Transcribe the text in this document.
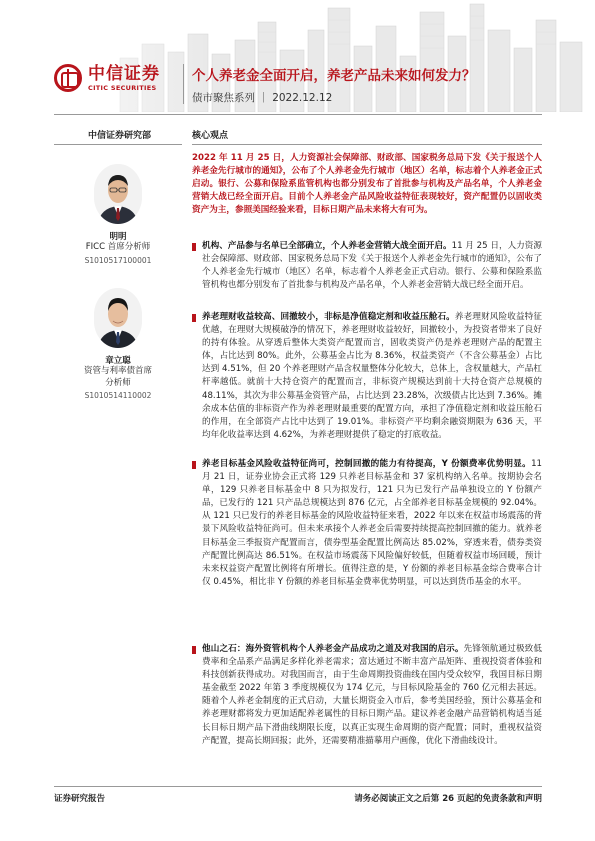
中信证券
CITIC SECURITIES
个人养老金全面开启，养老产品未来如何发力？
债市聚焦系列 ｜ 2022.12.12
中信证券研究部	核心观点
明明
FICC 首席分析师
S1010517100001
章立聪
资管与利率债首席
分析师
S1010514110002
2022 年 11 月 25 日，人力资源社会保障部、财政部、国家税务总局下发《关于报送个人养老金先行城市的通知》，公布了个人养老金先行城市（地区）名单，标志着个人养老金正式启动。银行、公募和保险系监管机构也都分别发布了首批参与机构及产品名单，个人养老金营销大战已经全面开启。目前个人养老金产品风险收益特征表现较好，资产配置仍以固收类资产为主，参照美国经验来看，目标日期产品未来将大有可为。

机构、产品参与名单已全部确立，个人养老金营销大战全面开启。11 月 25 日，人力资源社会保障部、财政部、国家税务总局下发《关于报送个人养老金先行城市的通知》，公布了个人养老金先行城市（地区）名单，标志着个人养老金正式启动。银行、公募和保险系监管机构也都分别发布了首批参与机构及产品名单，个人养老金营销大战已经全面开启。

养老理财收益较高、回撤较小，非标是净值稳定剂和收益压舱石。养老理财风险收益特征优越，在理财大规模破净的情况下，养老理财收益较好，回撤较小，为投资者带来了良好的持有体验。从穿透后整体大类资产配置而言，固收类资产仍是养老理财产品的配置主体，占比达到 80%。此外，公募基金占比为 8.36%，权益类资产（不含公募基金）占比达到 4.51%，但 20 个养老理财产品含权量整体分化较大，总体上，含权量越大，产品杠杆率越低。就前十大持仓资产的配置而言，非标资产规模达到前十大持仓资产总规模的 48.11%，其次为非公募基金资管产品，占比达到 23.28%，次级债占比达到 7.36%。摊余成本估值的非标资产作为养老理财最重要的配置方向，承担了净值稳定剂和收益压舱石的作用，在全部资产占比中达到了 19.01%。非标资产平均剩余融资期限为 636 天，平均年化收益率达到 4.62%，为养老理财提供了稳定的打底收益。

养老目标基金风险收益特征尚可，控制回撤的能力有待提高，Y 份额费率优势明显。11 月 21 日，证券业协会正式将 129 只养老目标基金和 37 家机构纳入名单。按期协会名单，129 只养老目标基金中 8 只为拟发行，121 只为已发行产品单独设立的 Y 份额产品，已发行的 121 只产品总规模达到 876 亿元，占全部养老目标基金规模的 92.04%。从 121 只已发行的养老目标基金的风险收益特征来看，2022 年以来在权益市场震荡的背景下风险收益特征尚可。但未来承接个人养老金后需要持续提高控制回撤的能力。就养老目标基金三季报资产配置而言，债券型基金配置比例高达 85.02%，穿透来看，债券类资产配置比例高达 86.51%。在权益市场震荡下风险偏好较低，但随着权益市场回暖，预计未来权益资产配置比例将有所增长。值得注意的是，Y 份额的养老目标基金综合费率合计仅 0.45%，相比非 Y 份额的养老目标基金费率优势明显，可以达到货币基金的水平。

他山之石：海外资管机构个人养老金产品成功之道及对我国的启示。先锋领航通过极致低费率和全品系产品满足多样化养老需求；富达通过不断丰富产品矩阵、重视投资者体验和科技创新获得成功。对我国而言，由于生命周期投资曲线在国内受众较窄，我国目标日期基金截至 2022 年第 3 季度规模仅为 174 亿元，与目标风险基金的 760 亿元相去甚远。随着个人养老金制度的正式启动，大量长期资金入市后，参考美国经验，预计公募基金和养老理财都将发力更加适配养老属性的目标日期产品。建议养老金融产品营销机构适当延长目标日期产品下滑曲线期限长度，以真正实现生命周期的资产配置；同时，重视权益资产配置，提高长期回报；此外，还需要精准描摹用户画像，优化下滑曲线设计。

证券研究报告	请务必阅读正文之后第 26 页起的免责条款和声明
